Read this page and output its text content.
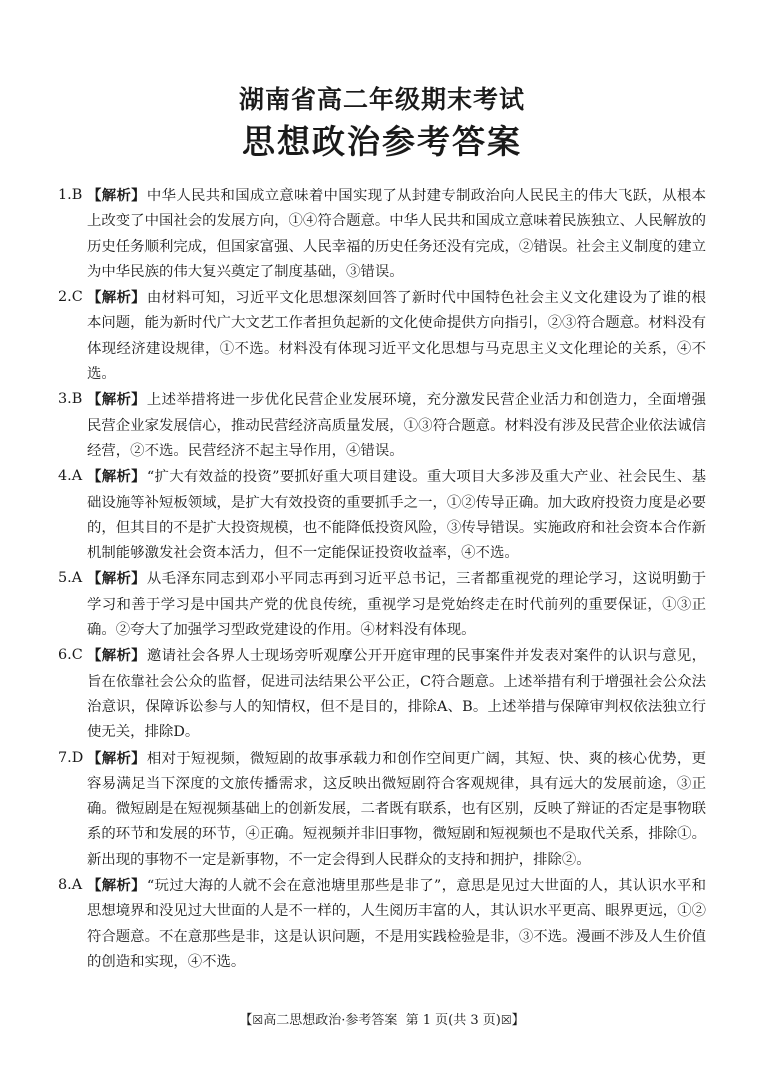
湖南省高二年级期末考试
思想政治参考答案
1.B 【解析】中华人民共和国成立意味着中国实现了从封建专制政治向人民民主的伟大飞跃，从根本上改变了中国社会的发展方向，①④符合题意。中华人民共和国成立意味着民族独立、人民解放的历史任务顺利完成，但国家富强、人民幸福的历史任务还没有完成，②错误。社会主义制度的建立为中华民族的伟大复兴奠定了制度基础，③错误。
2.C 【解析】由材料可知，习近平文化思想深刻回答了新时代中国特色社会主义文化建设为了谁的根本问题，能为新时代广大文艺工作者担负起新的文化使命提供方向指引，②③符合题意。材料没有体现经济建设规律，①不选。材料没有体现习近平文化思想与马克思主义文化理论的关系，④不选。
3.B 【解析】上述举措将进一步优化民营企业发展环境，充分激发民营企业活力和创造力，全面增强民营企业家发展信心，推动民营经济高质量发展，①③符合题意。材料没有涉及民营企业依法诚信经营，②不选。民营经济不起主导作用，④错误。
4.A 【解析】“扩大有效益的投资”要抓好重大项目建设。重大项目大多涉及重大产业、社会民生、基础设施等补短板领域，是扩大有效投资的重要抓手之一，①②传导正确。加大政府投资力度是必要的，但其目的不是扩大投资规模，也不能降低投资风险，③传导错误。实施政府和社会资本合作新机制能够激发社会资本活力，但不一定能保证投资收益率，④不选。
5.A 【解析】从毛泽东同志到邓小平同志再到习近平总书记，三者都重视党的理论学习，这说明勤于学习和善于学习是中国共产党的优良传统，重视学习是党始终走在时代前列的重要保证，①③正确。②夸大了加强学习型政党建设的作用。④材料没有体现。
6.C 【解析】邀请社会各界人士现场旁听观摩公开开庭审理的民事案件并发表对案件的认识与意见，旨在依靠社会公众的监督，促进司法结果公平公正，C符合题意。上述举措有利于增强社会公众法治意识，保障诉讼参与人的知情权，但不是目的，排除A、B。上述举措与保障审判权依法独立行使无关，排除D。
7.D 【解析】相对于短视频，微短剧的故事承载力和创作空间更广阔，其短、快、爽的核心优势，更容易满足当下深度的文旅传播需求，这反映出微短剧符合客观规律，具有远大的发展前途，③正确。微短剧是在短视频基础上的创新发展，二者既有联系，也有区别，反映了辩证的否定是事物联系的环节和发展的环节，④正确。短视频并非旧事物，微短剧和短视频也不是取代关系，排除①。新出现的事物不一定是新事物，不一定会得到人民群众的支持和拥护，排除②。
8.A 【解析】“玩过大海的人就不会在意池塘里那些是非了”，意思是见过大世面的人，其认识水平和思想境界和没见过大世面的人是不一样的，人生阅历丰富的人，其认识水平更高、眼界更远，①②符合题意。不在意那些是非，这是认识问题，不是用实践检验是非，③不选。漫画不涉及人生价值的创造和实现，④不选。
【☒高二思想政治·参考答案 第 1 页(共 3 页)☒】
